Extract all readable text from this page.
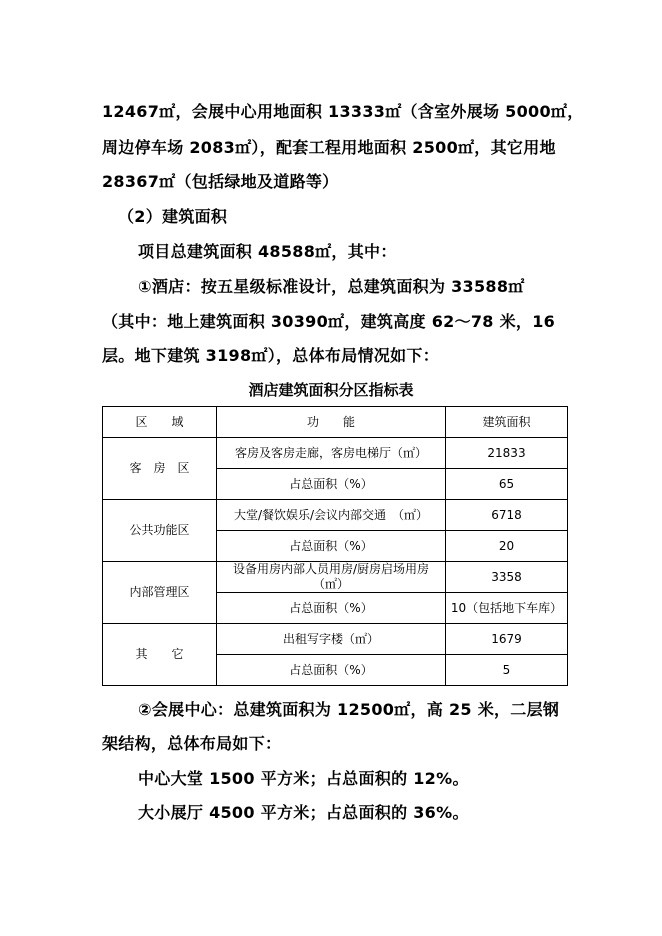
12467㎡，会展中心用地面积 13333㎡（含室外展场 5000㎡，
周边停车场 2083㎡），配套工程用地面积 2500㎡，其它用地
28367㎡（包括绿地及道路等）
（2）建筑面积
项目总建筑面积 48588㎡，其中：
①酒店：按五星级标准设计，总建筑面积为 33588㎡
（其中：地上建筑面积 30390㎡，建筑高度 62～78 米，16
层。地下建筑 3198㎡），总体布局情况如下：
酒店建筑面积分区指标表
区　　域	功　　能	建筑面积
客　房　区	客房及客房走廊，客房电梯厅（㎡）	21833
	占总面积（%）	65
公共功能区	大堂/餐饮娱乐/会议内部交通　（㎡）	6718
	占总面积（%）	20
内部管理区	设备用房内部人员用房/厨房启场用房　（㎡）	3358
	占总面积（%）	10（包括地下车库）
其　　它	出租写字楼（㎡）	1679
	占总面积（%）	5
②会展中心：总建筑面积为 12500㎡，高 25 米，二层钢
架结构，总体布局如下：
中心大堂 1500 平方米；占总面积的 12%。
大小展厅 4500 平方米；占总面积的 36%。
